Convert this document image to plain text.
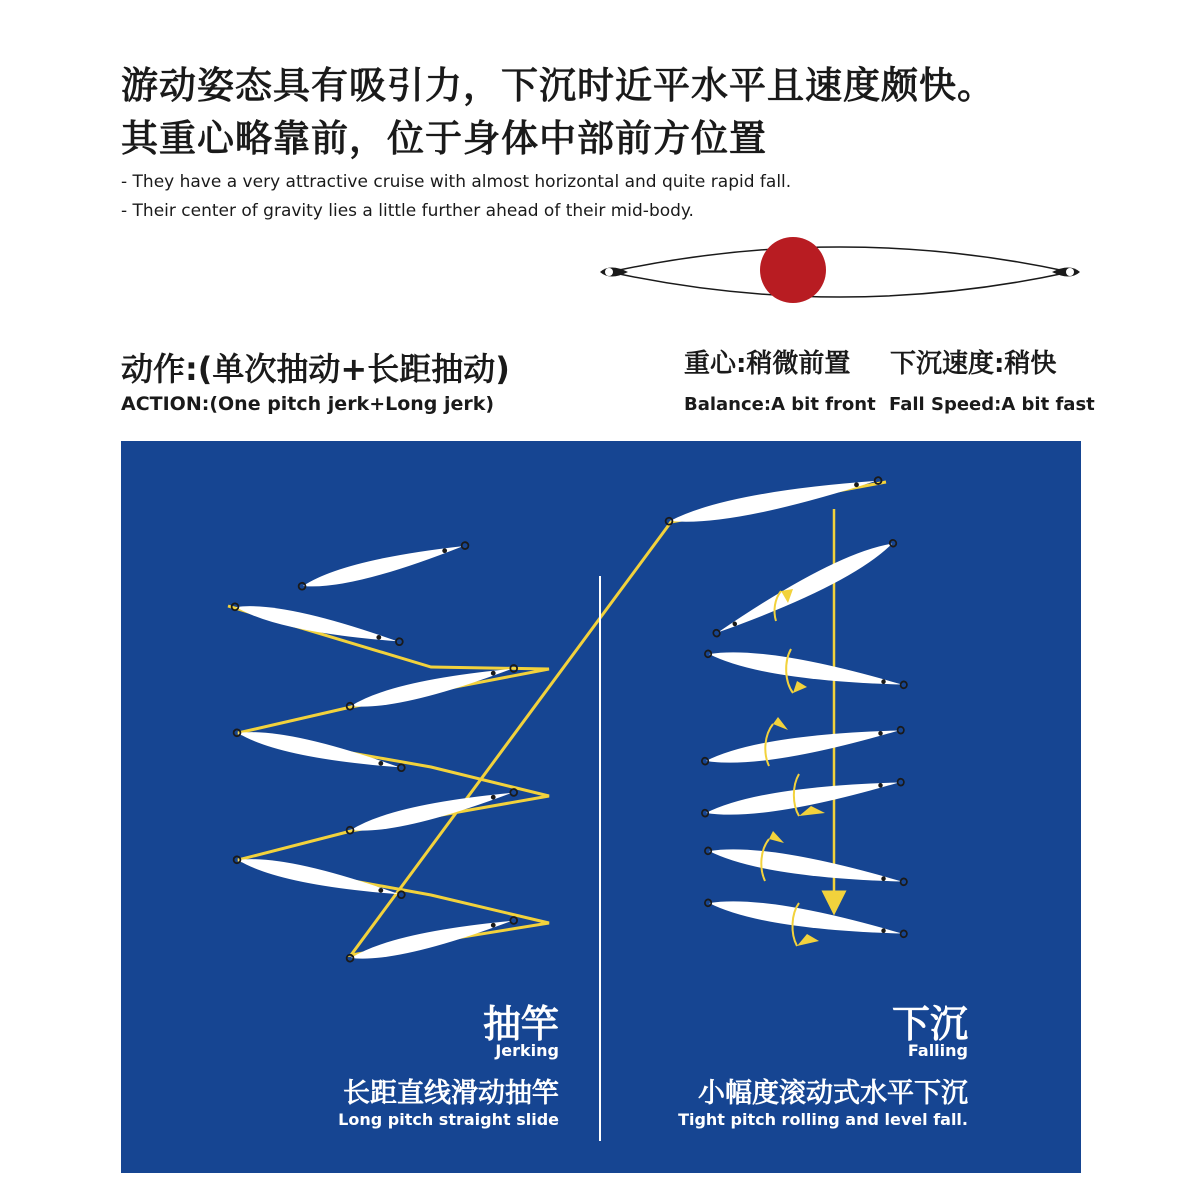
游动姿态具有吸引力，下沉时近平水平且速度颇快。
其重心略靠前，位于身体中部前方位置
- They have a very attractive cruise with almost horizontal and quite rapid fall.
- Their center of gravity lies a little further ahead of their mid-body.
动作:(单次抽动+长距抽动)
ACTION:(One pitch jerk+Long jerk)
重心:稍微前置
Balance:A bit front
下沉速度:稍快
Fall Speed:A bit fast
抽竿
Jerking
长距直线滑动抽竿
Long pitch straight slide
下沉
Falling
小幅度滚动式水平下沉
Tight pitch rolling and level fall.
